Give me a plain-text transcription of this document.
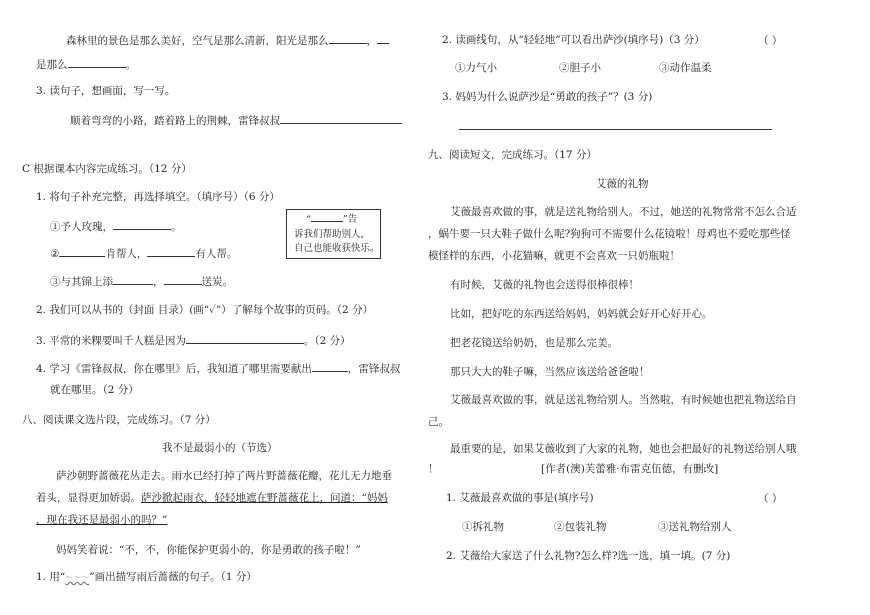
森林里的景色是那么美好，空气是那么清新，阳光是那么	，
是那么	。
3. 读句子，想画面，写一写。
顺着弯弯的小路，踏着路上的荆棘，雷锋叔叔
C 根据课本内容完成练习。（12 分）
1. 将句子补充完整，再选择填空。（填序号）（6 分）
①予人玫瑰，	。
②	肯帮人，	有人帮。
③与其锦上添	，	送炭。
“	”告
诉我们帮助别人，
自己也能收获快乐。
2. 我们可以从书的（封面 目录）(画“✓”）了解每个故事的页码。（2 分）
3. 平常的米粿要叫千人糕是因为	。（2 分）
4. 学习《雷锋叔叔，你在哪里》后，我知道了哪里需要献出	，雷锋叔叔
就在哪里。（2 分）
八、阅读课文选片段，完成练习。（7 分）
我不是最弱小的（节选）
萨沙朝野蔷薇花丛走去。雨水已经打掉了两片野蔷薇花瓣，花儿无力地垂
着头，显得更加娇弱。萨沙掀起雨衣，轻轻地遮在野蔷薇花上，问道：“妈妈
，现在我还是最弱小的吗？”
妈妈笑着说：“不，不，你能保护更弱小的，你是勇敢的孩子啦！”
1. 用“～～～”画出描写雨后蔷薇的句子。（1 分）
2. 读画线句，从“轻轻地”可以看出萨沙(填序号)（3 分）	（ ）
①力气小	②胆子小	③动作温柔
3. 妈妈为什么说萨沙是“勇敢的孩子”？(3 分)
九、阅读短文，完成练习。（17 分）
艾薇的礼物
艾薇最喜欢做的事，就是送礼物给别人。不过，她送的礼物常常不怎么合适
，蜗牛要一只大鞋子做什么呢?狗狗可不需要什么花镜啦！母鸡也不爱吃那些怪
模怪样的东西，小花猫嘛，就更不会喜欢一只奶瓶啦！
有时候，艾薇的礼物也会送得很棒很棒！
比如，把好吃的东西送给妈妈，妈妈就会好开心好开心。
把老花镜送给奶奶，也是那么完美。
那只大大的鞋子嘛，当然应该送给爸爸啦！
艾薇最喜欢做的事，就是送礼物给别人。当然啦，有时候她也把礼物送给自
己。
最重要的是，如果艾薇收到了大家的礼物，她也会把最好的礼物送给别人哦
！	[作者(澳)芙蕾雅·布雷克伍德，有删改]
1. 艾薇最喜欢做的事是(填序号)	（ ）
①拆礼物	②包装礼物	③送礼物给别人
2. 艾薇给大家送了什么礼物?怎么样?选一选，填一填。(7 分)
